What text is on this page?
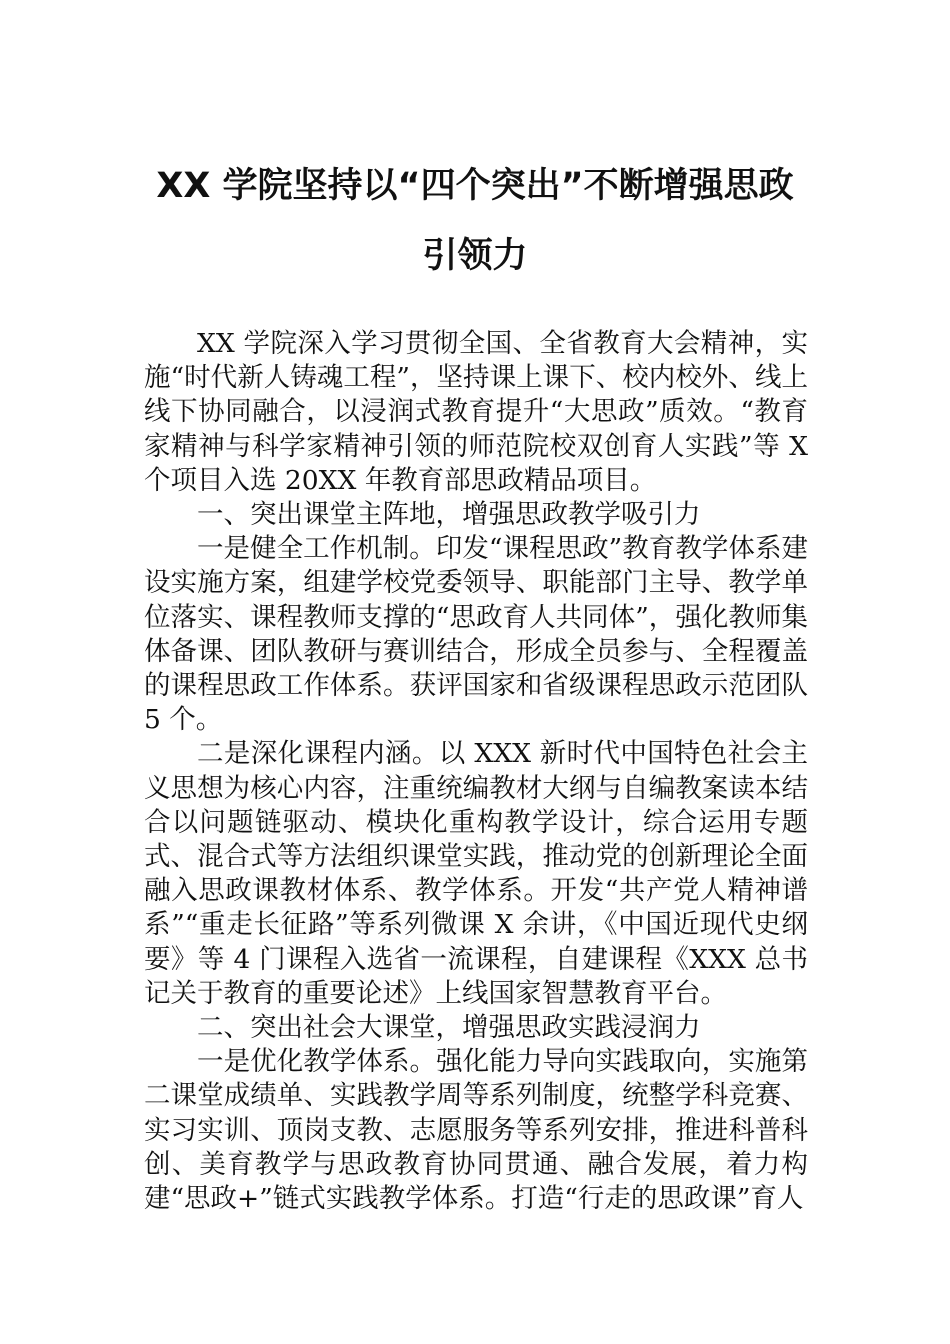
XX 学院坚持以“四个突出”不断增强思政
引领力

XX 学院深入学习贯彻全国、全省教育大会精神，实施“时代新人铸魂工程”，坚持课上课下、校内校外、线上线下协同融合，以浸润式教育提升“大思政”质效。“教育家精神与科学家精神引领的师范院校双创育人实践”等 X 个项目入选 20XX 年教育部思政精品项目。

一、突出课堂主阵地，增强思政教学吸引力

一是健全工作机制。印发“课程思政”教育教学体系建设实施方案，组建学校党委领导、职能部门主导、教学单位落实、课程教师支撑的“思政育人共同体”，强化教师集体备课、团队教研与赛训结合，形成全员参与、全程覆盖的课程思政工作体系。获评国家和省级课程思政示范团队 5 个。

二是深化课程内涵。以 XXX 新时代中国特色社会主义思想为核心内容，注重统编教材大纲与自编教案读本结合以问题链驱动、模块化重构教学设计，综合运用专题式、混合式等方法组织课堂实践，推动党的创新理论全面融入思政课教材体系、教学体系。开发“共产党人精神谱系”“重走长征路”等系列微课 X 余讲，《中国近现代史纲要》等 4 门课程入选省一流课程，自建课程《XXX 总书记关于教育的重要论述》上线国家智慧教育平台。

二、突出社会大课堂，增强思政实践浸润力

一是优化教学体系。强化能力导向实践取向，实施第二课堂成绩单、实践教学周等系列制度，统整学科竞赛、实习实训、顶岗支教、志愿服务等系列安排，推进科普科创、美育教学与思政教育协同贯通、融合发展，着力构建“思政+”链式实践教学体系。打造“行走的思政课”育人
